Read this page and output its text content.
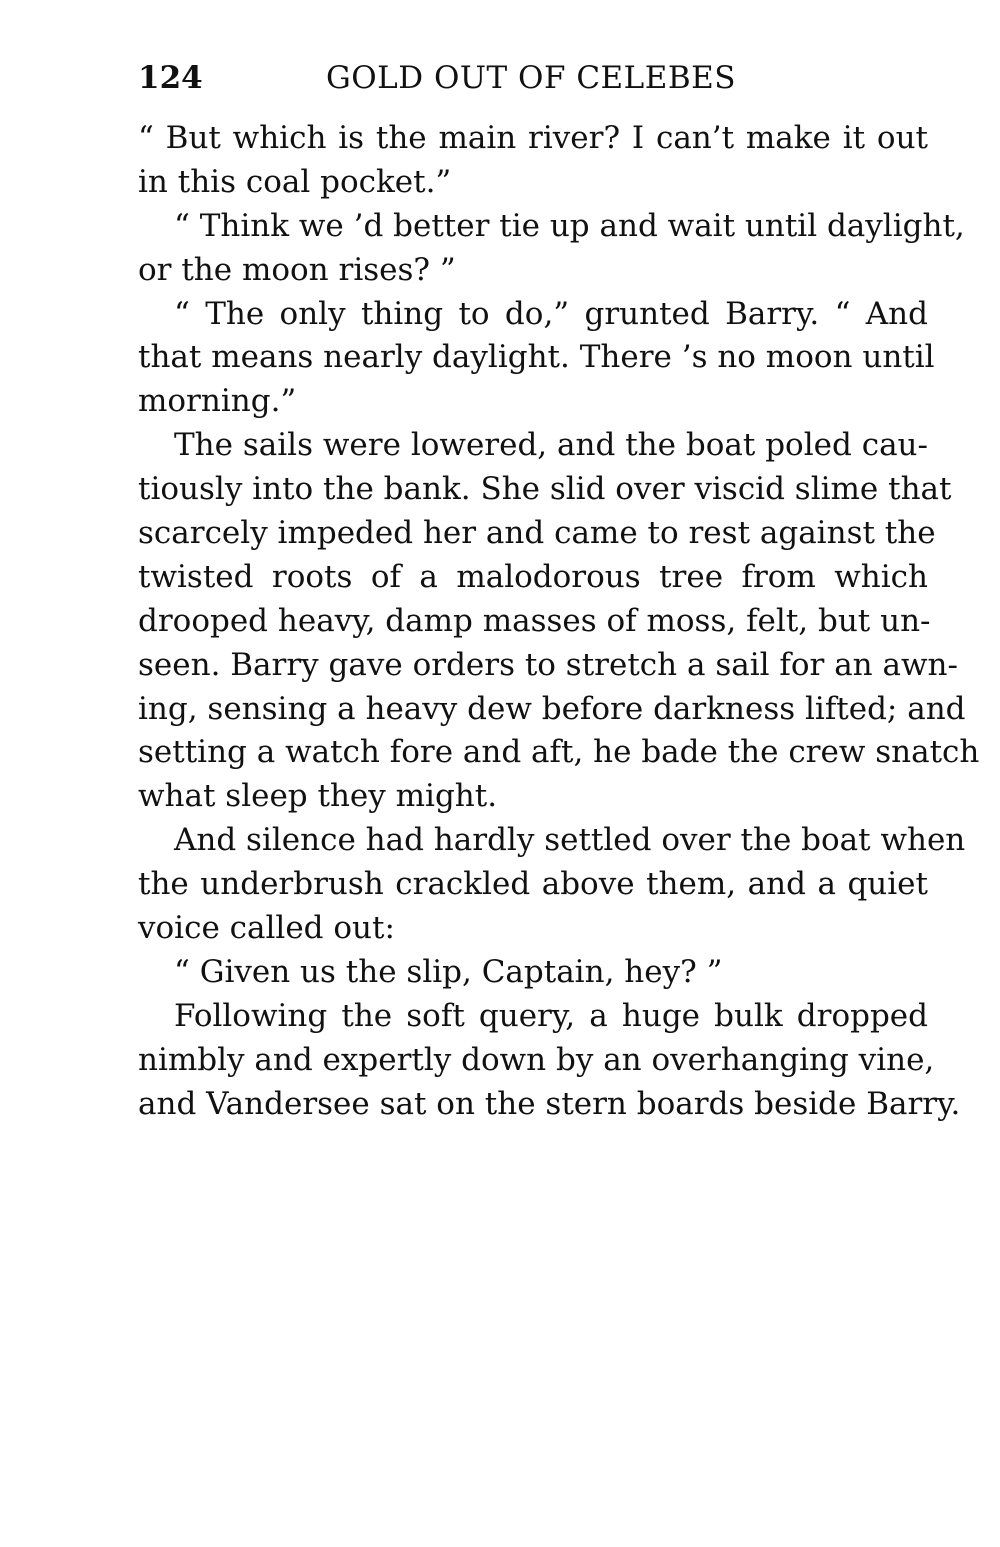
124	GOLD OUT OF CELEBES
“ But which is the main river? I can’t make it out
in this coal pocket.”
“ Think we ’d better tie up and wait until daylight,
or the moon rises? ”
“ The only thing to do,” grunted Barry. “ And
that means nearly daylight. There ’s no moon until
morning.”
The sails were lowered, and the boat poled cau-
tiously into the bank. She slid over viscid slime that
scarcely impeded her and came to rest against the
twisted roots of a malodorous tree from which
drooped heavy, damp masses of moss, felt, but un-
seen. Barry gave orders to stretch a sail for an awn-
ing, sensing a heavy dew before darkness lifted; and
setting a watch fore and aft, he bade the crew snatch
what sleep they might.
And silence had hardly settled over the boat when
the underbrush crackled above them, and a quiet
voice called out:
“ Given us the slip, Captain, hey? ”
Following the soft query, a huge bulk dropped
nimbly and expertly down by an overhanging vine,
and Vandersee sat on the stern boards beside Barry.
